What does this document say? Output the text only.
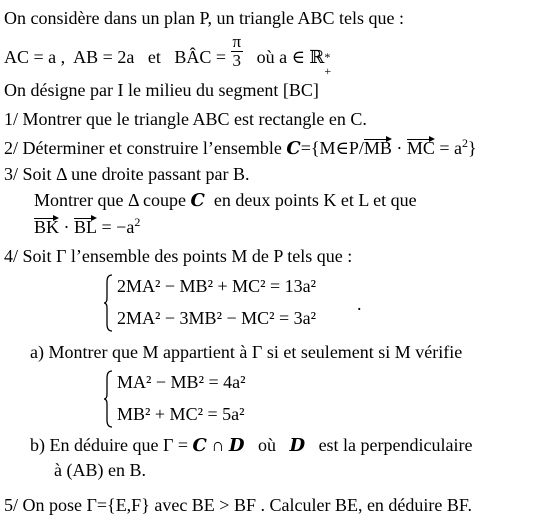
On considère dans un plan P, un triangle ABC tels que :
AC = a , AB = 2a et BÂC = $\frac{\pi}{3}$ où a ∈ ℝ *
+
On désigne par I le milieu du segment [BC]
1/ Montrer que le triangle ABC est rectangle en C.
2/ Déterminer et construire l’ensemble C={M∈P/MB · MC = $a^2$}
3/ Soit Δ une droite passant par B.
Montrer que Δ coupe C en deux points K et L et que
BK · BL = $-a^2$
4/ Soit Γ l’ensemble des points M de P tels que :
2MA² − MB² + MC² = 13a²
2MA² − 3MB² − MC² = 3a²
.
a) Montrer que M appartient à Γ si et seulement si M vérifie
MA² − MB² = 4a²
MB² + MC² = 5a²
b) En déduire que Γ = C ∩ D où D est la perpendiculaire
à (AB) en B.
5/ On pose Γ={E,F} avec BE > BF . Calculer BE, en déduire BF.
